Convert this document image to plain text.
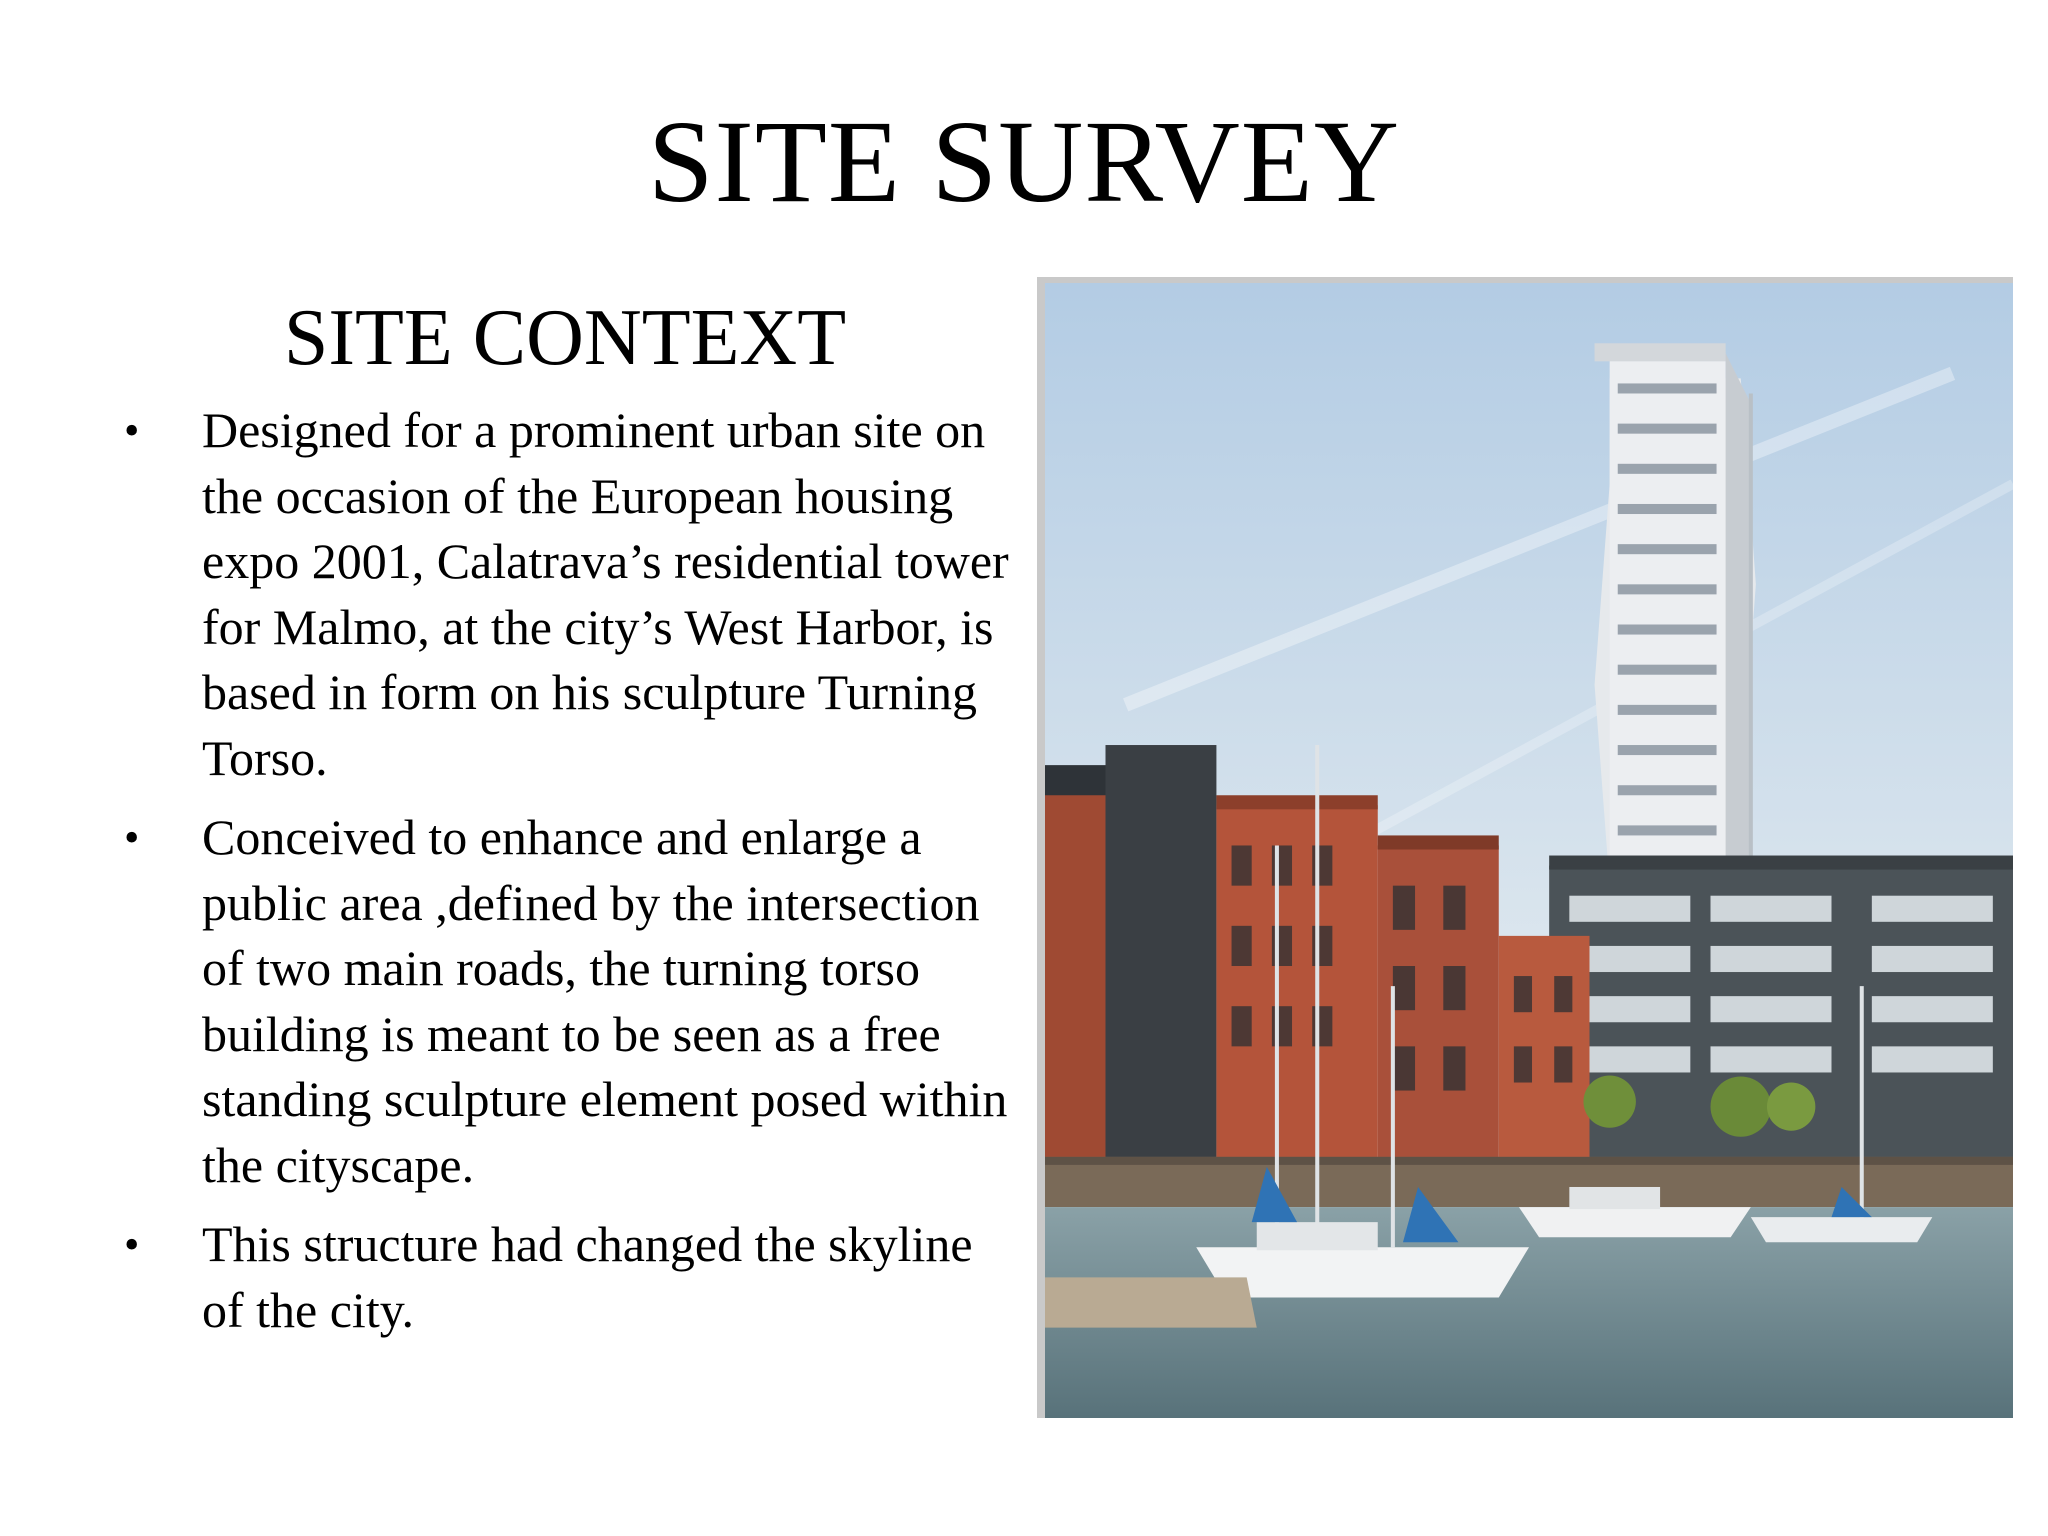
SITE SURVEY
SITE CONTEXT
• Designed for a prominent urban site on the occasion of the European housing expo 2001, Calatrava’s residential tower for Malmo, at the city’s West Harbor, is based in form on his sculpture Turning Torso.
• Conceived to enhance and enlarge a public area ,defined by the intersection of two main roads, the turning torso building is meant to be seen as a free standing sculpture element posed within the cityscape.
• This structure had changed the skyline of the city.
